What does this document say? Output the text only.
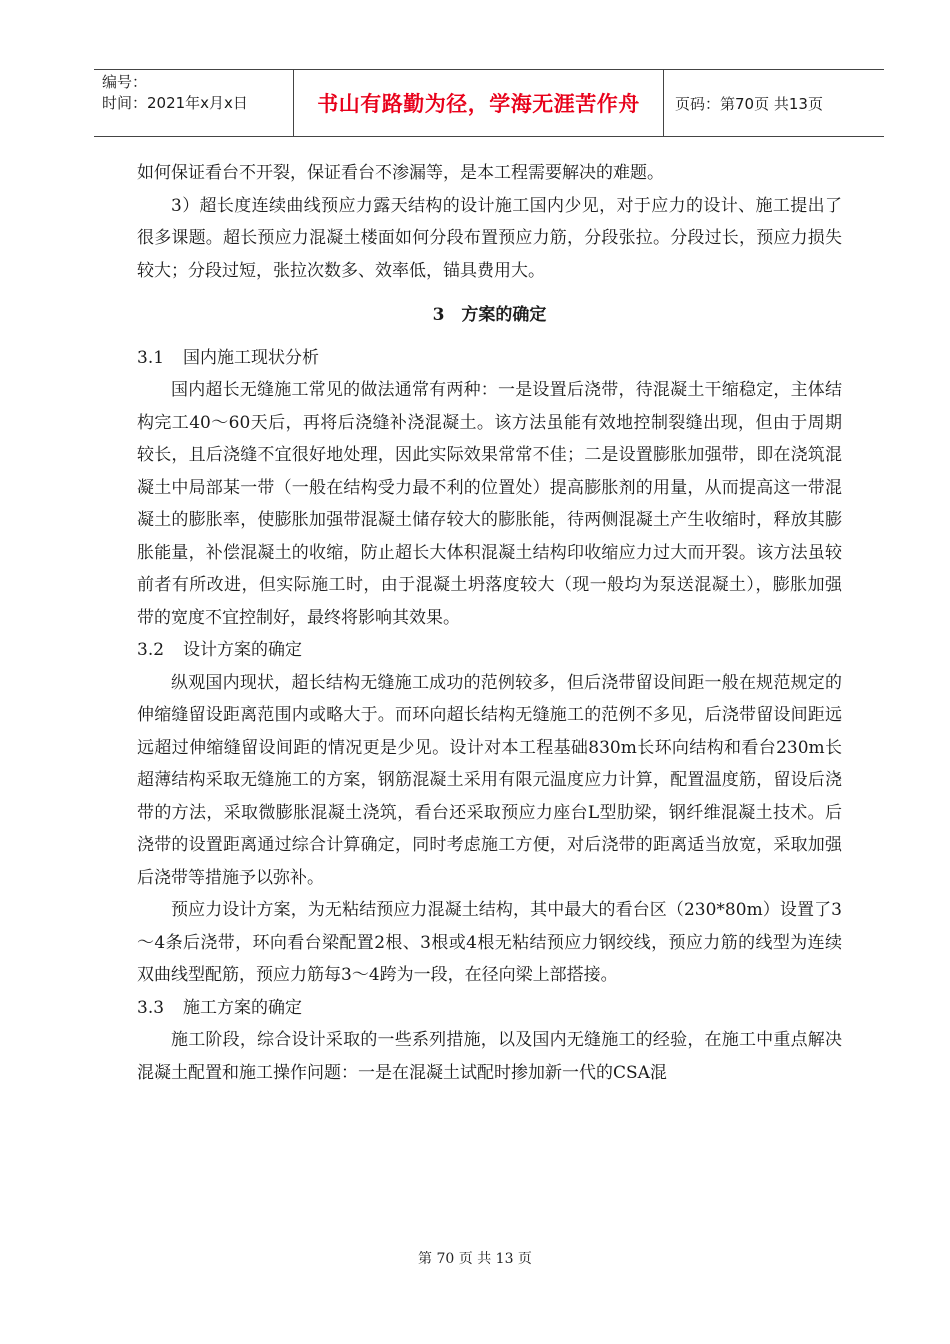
编号：
时间：2021年x月x日	书山有路勤为径，学海无涯苦作舟	页码：第70页 共13页

如何保证看台不开裂，保证看台不渗漏等，是本工程需要解决的难题。

3）超长度连续曲线预应力露天结构的设计施工国内少见，对于应力的设计、施工提出了很多课题。超长预应力混凝土楼面如何分段布置预应力筋，分段张拉。分段过长，预应力损失较大；分段过短，张拉次数多、效率低，锚具费用大。

3　方案的确定
3.1 国内施工现状分析

国内超长无缝施工常见的做法通常有两种：一是设置后浇带，待混凝土干缩稳定，主体结构完工40～60天后，再将后浇缝补浇混凝土。该方法虽能有效地控制裂缝出现，但由于周期较长，且后浇缝不宜很好地处理，因此实际效果常常不佳；二是设置膨胀加强带，即在浇筑混凝土中局部某一带（一般在结构受力最不利的位置处）提高膨胀剂的用量，从而提高这一带混凝土的膨胀率，使膨胀加强带混凝土储存较大的膨胀能，待两侧混凝土产生收缩时，释放其膨胀能量，补偿混凝土的收缩，防止超长大体积混凝土结构印收缩应力过大而开裂。该方法虽较前者有所改进，但实际施工时，由于混凝土坍落度较大（现一般均为泵送混凝土），膨胀加强带的宽度不宜控制好，最终将影响其效果。

3.2 设计方案的确定

纵观国内现状，超长结构无缝施工成功的范例较多，但后浇带留设间距一般在规范规定的伸缩缝留设距离范围内或略大于。而环向超长结构无缝施工的范例不多见，后浇带留设间距远远超过伸缩缝留设间距的情况更是少见。设计对本工程基础830m长环向结构和看台230m长超薄结构采取无缝施工的方案，钢筋混凝土采用有限元温度应力计算，配置温度筋，留设后浇带的方法，采取微膨胀混凝土浇筑，看台还采取预应力座台L型肋梁，钢纤维混凝土技术。后浇带的设置距离通过综合计算确定，同时考虑施工方便，对后浇带的距离适当放宽，采取加强后浇带等措施予以弥补。

预应力设计方案，为无粘结预应力混凝土结构，其中最大的看台区（230*80m）设置了3～4条后浇带，环向看台梁配置2根、3根或4根无粘结预应力钢绞线，预应力筋的线型为连续双曲线型配筋，预应力筋每3～4跨为一段，在径向梁上部搭接。

3.3 施工方案的确定

施工阶段，综合设计采取的一些系列措施，以及国内无缝施工的经验，在施工中重点解决混凝土配置和施工操作问题：一是在混凝土试配时掺加新一代的CSA混

第 70 页 共 13 页
